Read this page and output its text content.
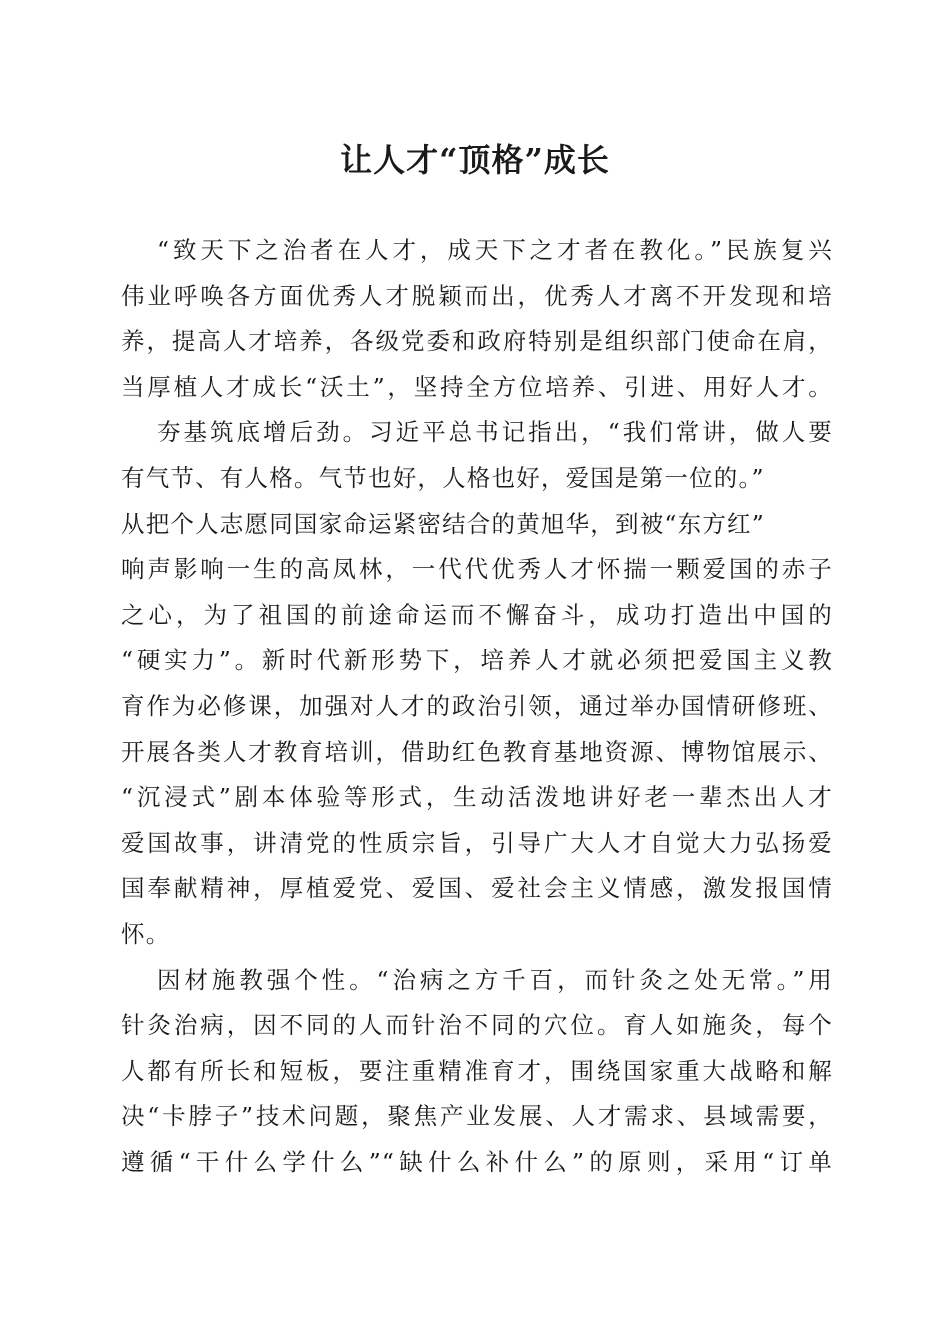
让人才“顶格”成长
“致天下之治者在人才，成天下之才者在教化。”民族复兴
伟业呼唤各方面优秀人才脱颖而出，优秀人才离不开发现和培
养，提高人才培养，各级党委和政府特别是组织部门使命在肩，
当厚植人才成长“沃土”，坚持全方位培养、引进、用好人才。
夯基筑底增后劲。习近平总书记指出，“我们常讲，做人要
有气节、有人格。气节也好，人格也好，爱国是第一位的。”
从把个人志愿同国家命运紧密结合的黄旭华，到被“东方红”
响声影响一生的高凤林，一代代优秀人才怀揣一颗爱国的赤子
之心，为了祖国的前途命运而不懈奋斗，成功打造出中国的
“硬实力”。新时代新形势下，培养人才就必须把爱国主义教
育作为必修课，加强对人才的政治引领，通过举办国情研修班、
开展各类人才教育培训，借助红色教育基地资源、博物馆展示、
“沉浸式”剧本体验等形式，生动活泼地讲好老一辈杰出人才
爱国故事，讲清党的性质宗旨，引导广大人才自觉大力弘扬爱
国奉献精神，厚植爱党、爱国、爱社会主义情感，激发报国情
怀。
因材施教强个性。“治病之方千百，而针灸之处无常。”用
针灸治病，因不同的人而针治不同的穴位。育人如施灸，每个
人都有所长和短板，要注重精准育才，围绕国家重大战略和解
决“卡脖子”技术问题，聚焦产业发展、人才需求、县域需要，
遵循“干什么学什么”“缺什么补什么”的原则，采用“订单
